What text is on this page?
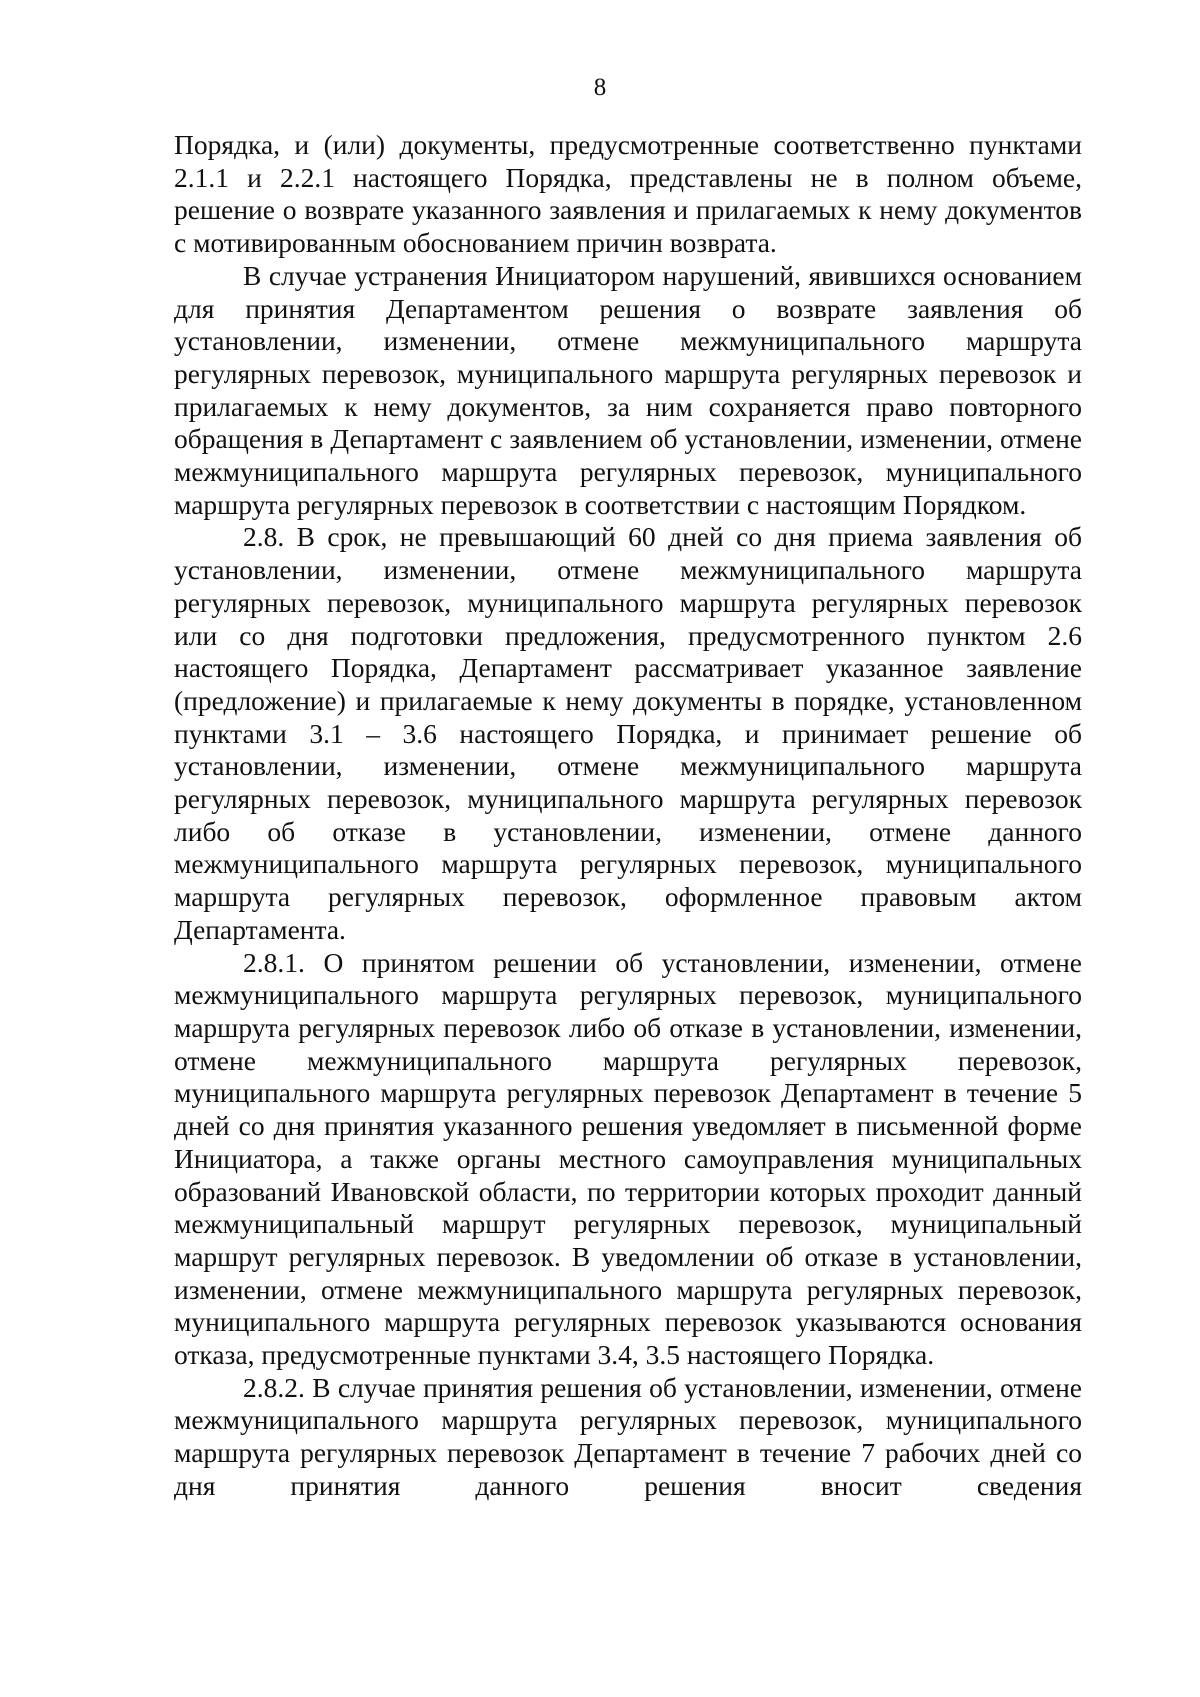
8

Порядка, и (или) документы, предусмотренные соответственно пунктами 2.1.1 и 2.2.1 настоящего Порядка, представлены не в полном объеме, решение о возврате указанного заявления и прилагаемых к нему документов с мотивированным обоснованием причин возврата.

В случае устранения Инициатором нарушений, явившихся основанием для принятия Департаментом решения о возврате заявления об установлении, изменении, отмене межмуниципального маршрута регулярных перевозок, муниципального маршрута регулярных перевозок и прилагаемых к нему документов, за ним сохраняется право повторного обращения в Департамент с заявлением об установлении, изменении, отмене межмуниципального маршрута регулярных перевозок, муниципального маршрута регулярных перевозок в соответствии с настоящим Порядком.

2.8. В срок, не превышающий 60 дней со дня приема заявления об установлении, изменении, отмене межмуниципального маршрута регулярных перевозок, муниципального маршрута регулярных перевозок или со дня подготовки предложения, предусмотренного пунктом 2.6 настоящего Порядка, Департамент рассматривает указанное заявление (предложение) и прилагаемые к нему документы в порядке, установленном пунктами 3.1 – 3.6 настоящего Порядка, и принимает решение об установлении, изменении, отмене межмуниципального маршрута регулярных перевозок, муниципального маршрута регулярных перевозок либо об отказе в установлении, изменении, отмене данного межмуниципального маршрута регулярных перевозок, муниципального маршрута регулярных перевозок, оформленное правовым актом Департамента.

2.8.1. О принятом решении об установлении, изменении, отмене межмуниципального маршрута регулярных перевозок, муниципального маршрута регулярных перевозок либо об отказе в установлении, изменении, отмене межмуниципального маршрута регулярных перевозок, муниципального маршрута регулярных перевозок Департамент в течение 5 дней со дня принятия указанного решения уведомляет в письменной форме Инициатора, а также органы местного самоуправления муниципальных образований Ивановской области, по территории которых проходит данный межмуниципальный маршрут регулярных перевозок, муниципальный маршрут регулярных перевозок. В уведомлении об отказе в установлении, изменении, отмене межмуниципального маршрута регулярных перевозок, муниципального маршрута регулярных перевозок указываются основания отказа, предусмотренные пунктами 3.4, 3.5 настоящего Порядка.

2.8.2. В случае принятия решения об установлении, изменении, отмене межмуниципального маршрута регулярных перевозок, муниципального маршрута регулярных перевозок Департамент в течение 7 рабочих дней со дня принятия данного решения вносит сведения
